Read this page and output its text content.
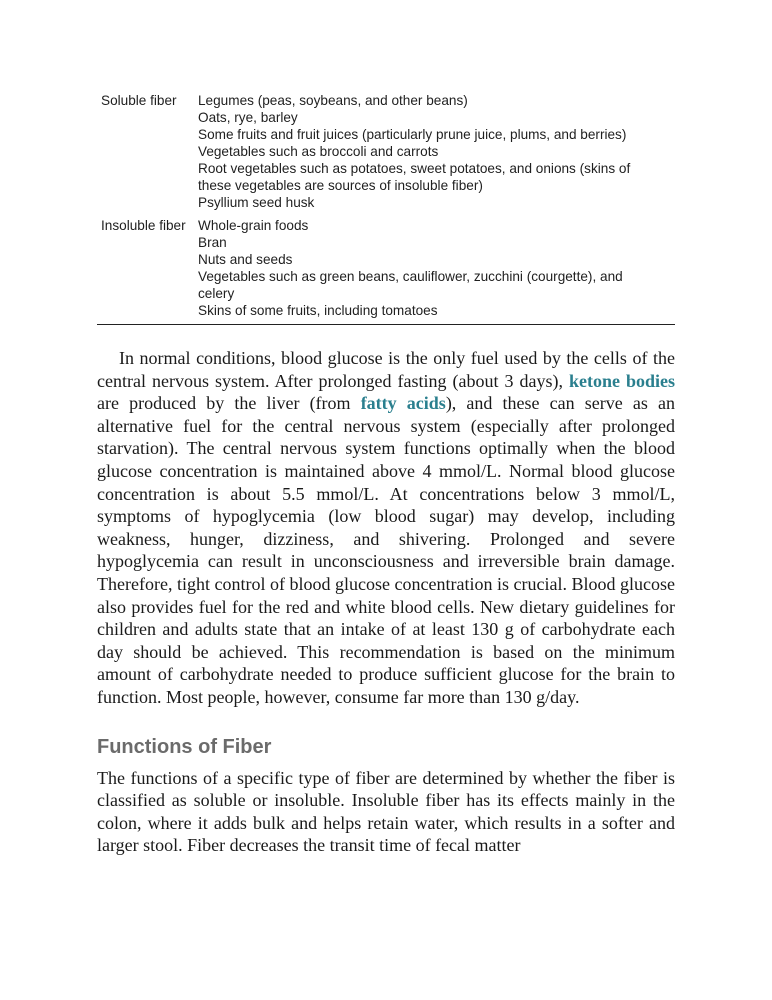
Soluble fiber	Legumes (peas, soybeans, and other beans)
Oats, rye, barley
Some fruits and fruit juices (particularly prune juice, plums, and berries)
Vegetables such as broccoli and carrots
Root vegetables such as potatoes, sweet potatoes, and onions (skins of
these vegetables are sources of insoluble fiber)
Psyllium seed husk
Insoluble fiber Whole-grain foods
Bran
Nuts and seeds
Vegetables such as green beans, cauliflower, zucchini (courgette), and
celery
Skins of some fruits, including tomatoes

In normal conditions, blood glucose is the only fuel used by the cells of the central nervous system. After prolonged fasting (about 3 days), ketone bodies are produced by the liver (from fatty acids), and these can serve as an alternative fuel for the central nervous system (especially after prolonged starvation). The central nervous system functions optimally when the blood glucose concentration is maintained above 4 mmol/L. Normal blood glucose concentration is about 5.5 mmol/L. At concentrations below 3 mmol/L, symptoms of hypoglycemia (low blood sugar) may develop, including weakness, hunger, dizziness, and shivering. Prolonged and severe hypoglycemia can result in unconsciousness and irreversible brain damage. Therefore, tight control of blood glucose concentration is crucial. Blood glucose also provides fuel for the red and white blood cells. New dietary guidelines for children and adults state that an intake of at least 130 g of carbohydrate each day should be achieved. This recommendation is based on the minimum amount of carbohydrate needed to produce sufficient glucose for the brain to function. Most people, however, consume far more than 130 g/day.

Functions of Fiber

The functions of a specific type of fiber are determined by whether the fiber is classified as soluble or insoluble. Insoluble fiber has its effects mainly in the colon, where it adds bulk and helps retain water, which results in a softer and larger stool. Fiber decreases the transit time of fecal matter
